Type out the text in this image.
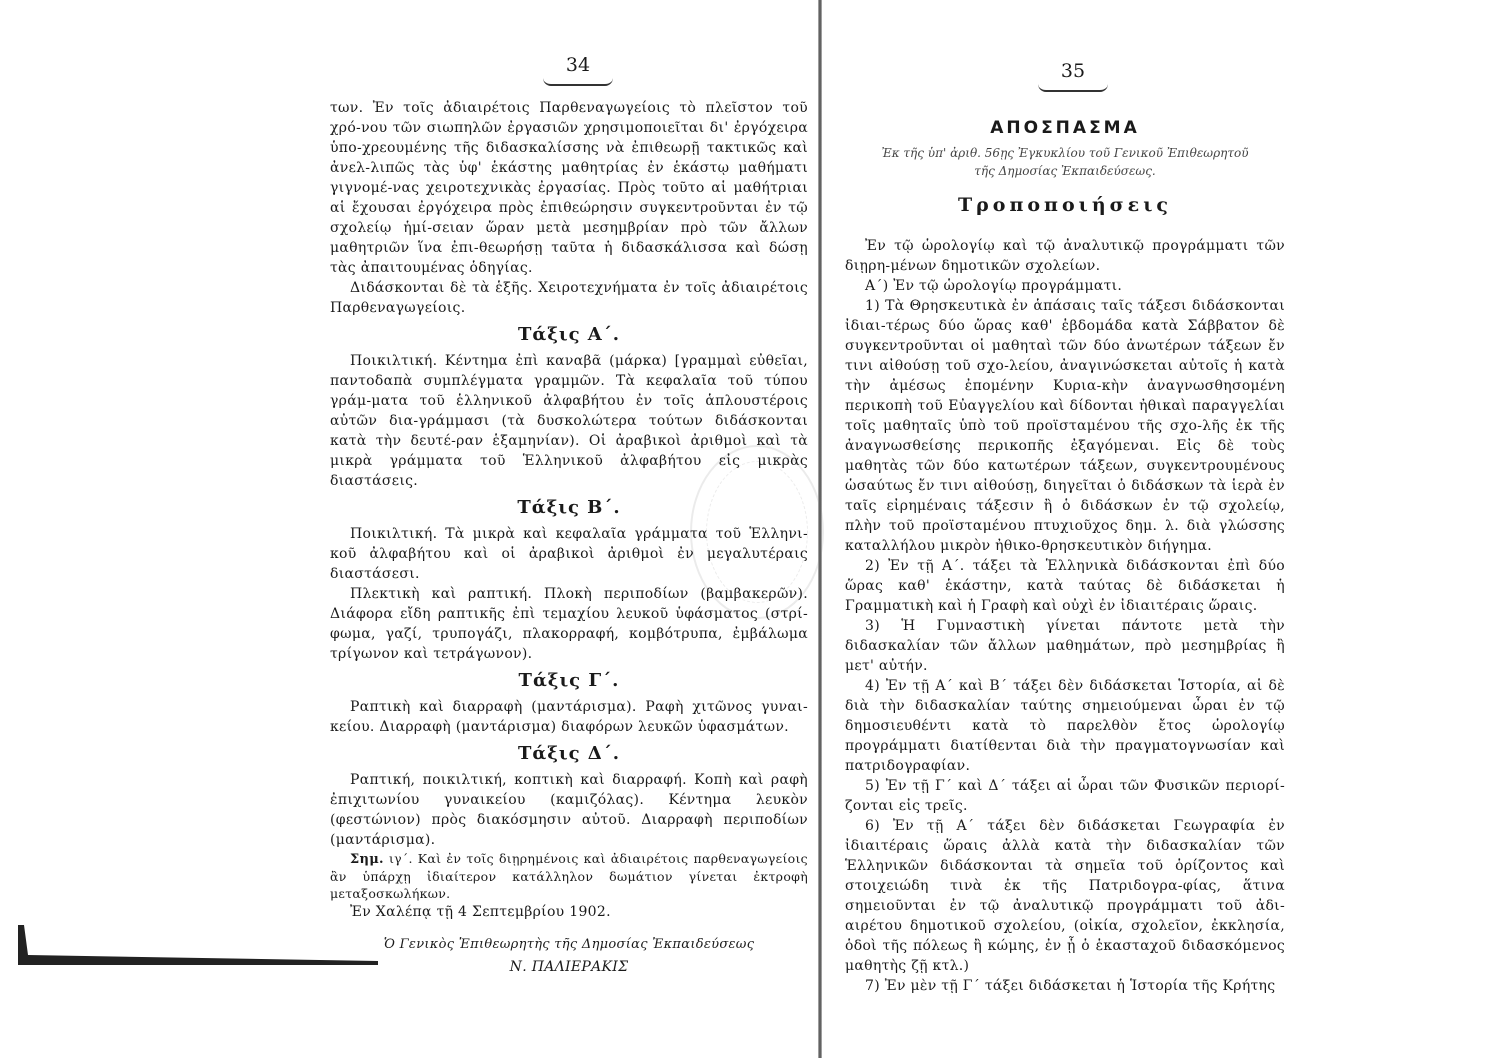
34

των. Ἐν τοῖς ἀδιαιρέτοις Παρθεναγωγείοις τὸ πλεῖστον τοῦ χρό-νου τῶν σιωπηλῶν ἐργασιῶν χρησιμοποιεῖται δι' ἐργόχειρα ὑπο-χρεουμένης τῆς διδασκαλίσσης νὰ ἐπιθεωρῇ τακτικῶς καὶ ἀνελ-λιπῶς τὰς ὑφ' ἑκάστης μαθητρίας ἐν ἑκάστῳ μαθήματι γιγνομέ-νας χειροτεχνικὰς ἐργασίας. Πρὸς τοῦτο αἱ μαθήτριαι αἱ ἔχουσαι ἐργόχειρα πρὸς ἐπιθεώρησιν συγκεντροῦνται ἐν τῷ σχολείῳ ἡμί-σειαν ὥραν μετὰ μεσημβρίαν πρὸ τῶν ἄλλων μαθητριῶν ἵνα ἐπι-θεωρήσῃ ταῦτα ἡ διδασκάλισσα καὶ δώσῃ τὰς ἀπαιτουμένας ὁδηγίας.

Διδάσκονται δὲ τὰ ἑξῆς. Χειροτεχνήματα ἐν τοῖς ἀδιαιρέτοις Παρθεναγωγείοις.

Τάξις Α΄.

Ποικιλτική. Κέντημα ἐπὶ καναβᾶ (μάρκα) [γραμμαὶ εὐθεῖαι, παντοδαπὰ συμπλέγματα γραμμῶν. Τὰ κεφαλαῖα τοῦ τύπου γράμ-ματα τοῦ ἑλληνικοῦ ἀλφαβήτου ἐν τοῖς ἁπλουστέροις αὐτῶν δια-γράμμασι (τὰ δυσκολώτερα τούτων διδάσκονται κατὰ τὴν δευτέ-ραν ἑξαμηνίαν). Οἱ ἀραβικοὶ ἀριθμοὶ καὶ τὰ μικρὰ γράμματα τοῦ Ἑλληνικοῦ ἀλφαβήτου εἰς μικρὰς διαστάσεις.

Τάξις Β΄.

Ποικιλτική. Τὰ μικρὰ καὶ κεφαλαῖα γράμματα τοῦ Ἑλληνι-κοῦ ἀλφαβήτου καὶ οἱ ἀραβικοὶ ἀριθμοὶ ἐν μεγαλυτέραις διαστάσεσι.

Πλεκτικὴ καὶ ραπτική. Πλοκὴ περιποδίων (βαμβακερῶν). Διάφορα εἴδη ραπτικῆς ἐπὶ τεμαχίου λευκοῦ ὑφάσματος (στρί-φωμα, γαζί, τρυπογάζι, πλακορραφή, κομβότρυπα, ἐμβάλωμα τρίγωνον καὶ τετράγωνον).

Τάξις Γ΄.

Ραπτικὴ καὶ διαρραφὴ (μαντάρισμα). Ραφὴ χιτῶνος γυναι-κείου. Διαρραφὴ (μαντάρισμα) διαφόρων λευκῶν ὑφασμάτων.

Τάξις Δ΄.

Ραπτική, ποικιλτική, κοπτικὴ καὶ διαρραφή. Κοπὴ καὶ ραφὴ ἐπιχιτωνίου γυναικείου (καμιζόλας). Κέντημα λευκὸν (φεστώνιον) πρὸς διακόσμησιν αὐτοῦ. Διαρραφὴ περιποδίων (μαντάρισμα).

Σημ. ιγ΄. Καὶ ἐν τοῖς διῃρημένοις καὶ ἀδιαιρέτοις παρθεναγωγείοις ἂν ὑπάρχῃ ἰδιαίτερον κατάλληλον δωμάτιον γίνεται ἐκτροφὴ μεταξοσκωλήκων.

Ἐν Χαλέπᾳ τῇ 4 Σεπτεμβρίου 1902.

Ὁ Γενικὸς Ἐπιθεωρητὴς τῆς Δημοσίας Ἐκπαιδεύσεως
Ν. ΠΑΛΙΕΡΑΚΙΣ
35
ΑΠΟΣΠΑΣΜΑ
Ἐκ τῆς ὑπ' ἀριθ. 56ῃς Ἐγκυκλίου τοῦ Γενικοῦ Ἐπιθεωρητοῦ
τῆς Δημοσίας Ἐκπαιδεύσεως.
Τροποποιήσεις

Ἐν τῷ ὡρολογίῳ καὶ τῷ ἀναλυτικῷ προγράμματι τῶν διῃρη-μένων δημοτικῶν σχολείων.

Α΄) Ἐν τῷ ὡρολογίῳ προγράμματι.

1) Τὰ Θρησκευτικὰ ἐν ἁπάσαις ταῖς τάξεσι διδάσκονται ἰδιαι-τέρως δύο ὥρας καθ' ἑβδομάδα κατὰ Σάββατον δὲ συγκεντροῦνται οἱ μαθηταὶ τῶν δύο ἀνωτέρων τάξεων ἔν τινι αἰθούσῃ τοῦ σχο-λείου, ἀναγινώσκεται αὐτοῖς ἡ κατὰ τὴν ἀμέσως ἐπομένην Κυρια-κὴν ἀναγνωσθησομένη περικοπὴ τοῦ Εὐαγγελίου καὶ δίδονται ἠθικαὶ παραγγελίαι τοῖς μαθηταῖς ὑπὸ τοῦ προϊσταμένου τῆς σχο-λῆς ἐκ τῆς ἀναγνωσθείσης περικοπῆς ἐξαγόμεναι. Εἰς δὲ τοὺς μαθητὰς τῶν δύο κατωτέρων τάξεων, συγκεντρουμένους ὡσαύτως ἔν τινι αἰθούσῃ, διηγεῖται ὁ διδάσκων τὰ ἱερὰ ἐν ταῖς εἰρημέναις τάξεσιν ἢ ὁ διδάσκων ἐν τῷ σχολείῳ, πλὴν τοῦ προϊσταμένου πτυχιοῦχος δημ. λ. διὰ γλώσσης καταλλήλου μικρὸν ἠθικο-θρησκευτικὸν διήγημα.

2) Ἐν τῇ Α΄. τάξει τὰ Ἑλληνικὰ διδάσκονται ἐπὶ δύο ὥρας καθ' ἑκάστην, κατὰ ταύτας δὲ διδάσκεται ἡ Γραμματικὴ καὶ ἡ Γραφὴ καὶ οὐχὶ ἐν ἰδιαιτέραις ὥραις.

3) Ἡ Γυμναστικὴ γίνεται πάντοτε μετὰ τὴν διδασκαλίαν τῶν ἄλλων μαθημάτων, πρὸ μεσημβρίας ἢ μετ' αὐτήν.

4) Ἐν τῇ Α΄ καὶ Β΄ τάξει δὲν διδάσκεται Ἱστορία, αἱ δὲ διὰ τὴν διδασκαλίαν ταύτης σημειούμεναι ὧραι ἐν τῷ δημοσιευθέντι κατὰ τὸ παρελθὸν ἔτος ὡρολογίῳ προγράμματι διατίθενται διὰ τὴν πραγματογνωσίαν καὶ πατριδογραφίαν.

5) Ἐν τῇ Γ΄ καὶ Δ΄ τάξει αἱ ὧραι τῶν Φυσικῶν περιορί-ζονται εἰς τρεῖς.

6) Ἐν τῇ Α΄ τάξει δὲν διδάσκεται Γεωγραφία ἐν ἰδιαιτέραις ὥραις ἀλλὰ κατὰ τὴν διδασκαλίαν τῶν Ἑλληνικῶν διδάσκονται τὰ σημεῖα τοῦ ὁρίζοντος καὶ στοιχειώδη τινὰ ἐκ τῆς Πατριδογρα-φίας, ἅτινα σημειοῦνται ἐν τῷ ἀναλυτικῷ προγράμματι τοῦ ἀδι-αιρέτου δημοτικοῦ σχολείου, (οἰκία, σχολεῖον, ἐκκλησία, ὁδοὶ τῆς πόλεως ἢ κώμης, ἐν ᾗ ὁ ἑκασταχοῦ διδασκόμενος μαθητὴς ζῇ κτλ.)

7) Ἐν μὲν τῇ Γ΄ τάξει διδάσκεται ἡ Ἱστορία τῆς Κρήτης
